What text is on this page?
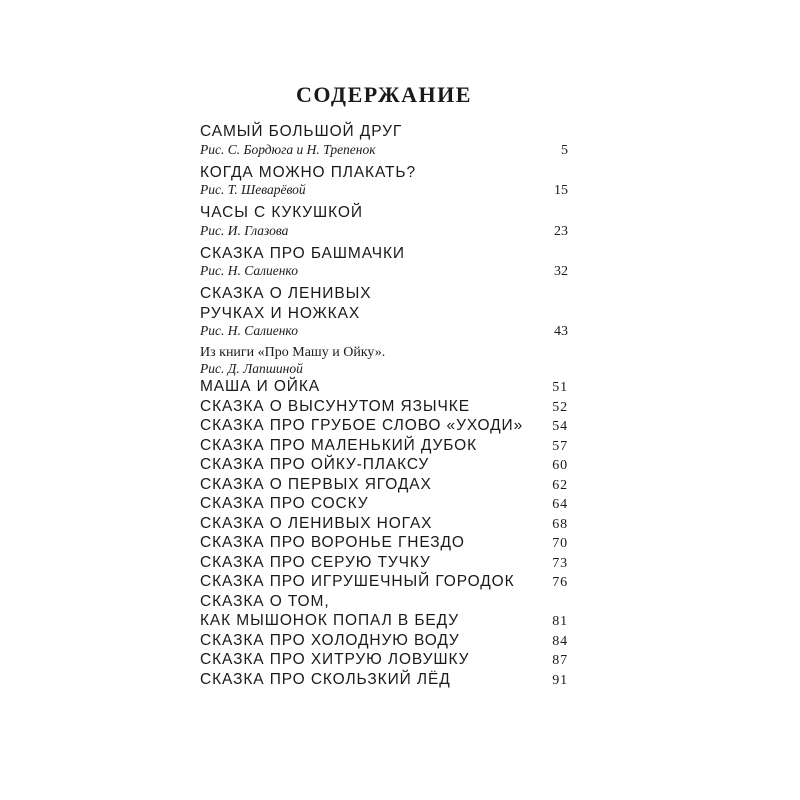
СОДЕРЖАНИЕ
САМЫЙ БОЛЬШОЙ ДРУГ
Рис. С. Бордюга и Н. Трепенок	5
КОГДА МОЖНО ПЛАКАТЬ?
Рис. Т. Шеварёвой	15
ЧАСЫ С КУКУШКОЙ
Рис. И. Глазова	23
СКАЗКА ПРО БАШМАЧКИ
Рис. Н. Салиенко	32
СКАЗКА О ЛЕНИВЫХ
РУЧКАХ И НОЖКАХ
Рис. Н. Салиенко	43
Из книги «Про Машу и Ойку».
Рис. Д. Лапшиной
МАША И ОЙКА	51
СКАЗКА О ВЫСУНУТОМ ЯЗЫЧКЕ	52
СКАЗКА ПРО ГРУБОЕ СЛОВО «УХОДИ» 54
СКАЗКА ПРО МАЛЕНЬКИЙ ДУБОК	57
СКАЗКА ПРО ОЙКУ-ПЛАКСУ	60
СКАЗКА О ПЕРВЫХ ЯГОДАХ	62
СКАЗКА ПРО СОСКУ	64
СКАЗКА О ЛЕНИВЫХ НОГАХ	68
СКАЗКА ПРО ВОРОНЬЕ ГНЕЗДО	70
СКАЗКА ПРО СЕРУЮ ТУЧКУ	73
СКАЗКА ПРО ИГРУШЕЧНЫЙ ГОРОДОК	76
СКАЗКА О ТОМ,
КАК МЫШОНОК ПОПАЛ В БЕДУ	81
СКАЗКА ПРО ХОЛОДНУЮ ВОДУ	84
СКАЗКА ПРО ХИТРУЮ ЛОВУШКУ	87
СКАЗКА ПРО СКОЛЬЗКИЙ ЛЁД	91
